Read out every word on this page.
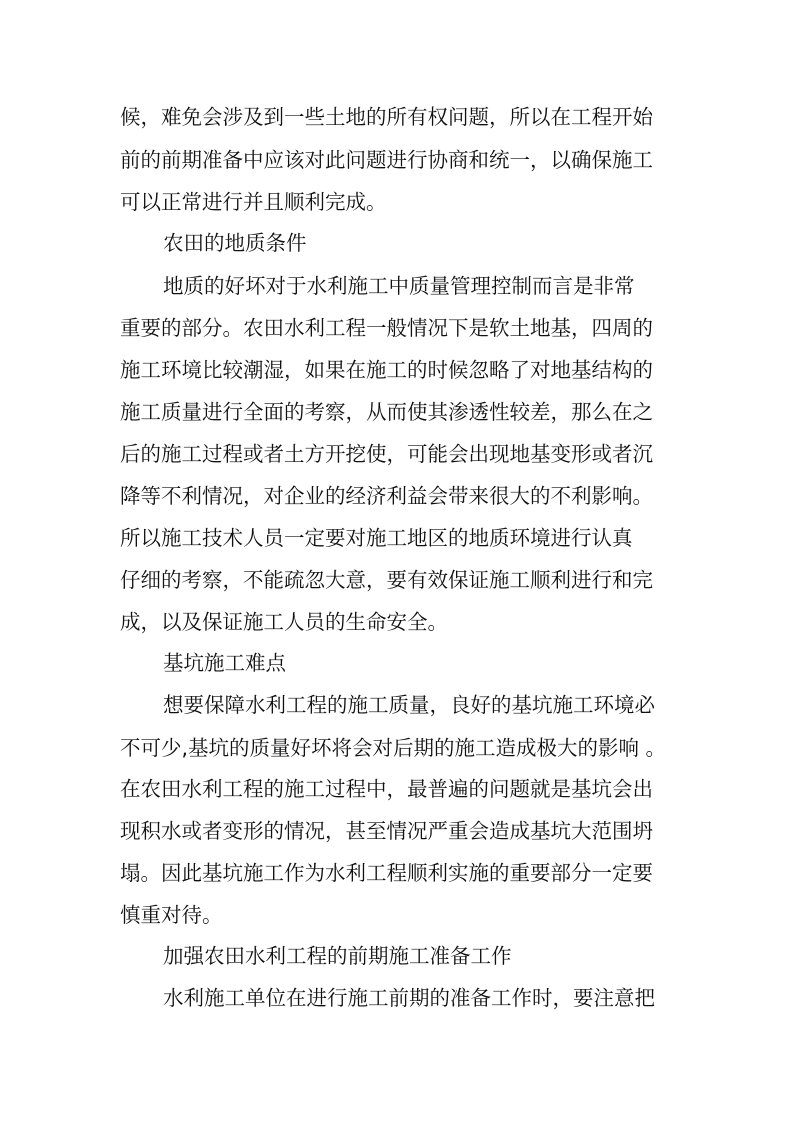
候，难免会涉及到一些土地的所有权问题，所以在工程开始
前的前期准备中应该对此问题进行协商和统一，以确保施工
可以正常进行并且顺利完成。
农田的地质条件
地质的好坏对于水利施工中质量管理控制而言是非常
重要的部分。农田水利工程一般情况下是软土地基，四周的
施工环境比较潮湿，如果在施工的时候忽略了对地基结构的
施工质量进行全面的考察，从而使其渗透性较差，那么在之
后的施工过程或者土方开挖使，可能会出现地基变形或者沉
降等不利情况，对企业的经济利益会带来很大的不利影响。
所以施工技术人员一定要对施工地区的地质环境进行认真
仔细的考察，不能疏忽大意，要有效保证施工顺利进行和完
成，以及保证施工人员的生命安全。
基坑施工难点
想要保障水利工程的施工质量，良好的基坑施工环境必
不可少,基坑的质量好坏将会对后期的施工造成极大的影响 。
在农田水利工程的施工过程中，最普遍的问题就是基坑会出
现积水或者变形的情况，甚至情况严重会造成基坑大范围坍
塌。因此基坑施工作为水利工程顺利实施的重要部分一定要
慎重对待。
加强农田水利工程的前期施工准备工作
水利施工单位在进行施工前期的准备工作时，要注意把
